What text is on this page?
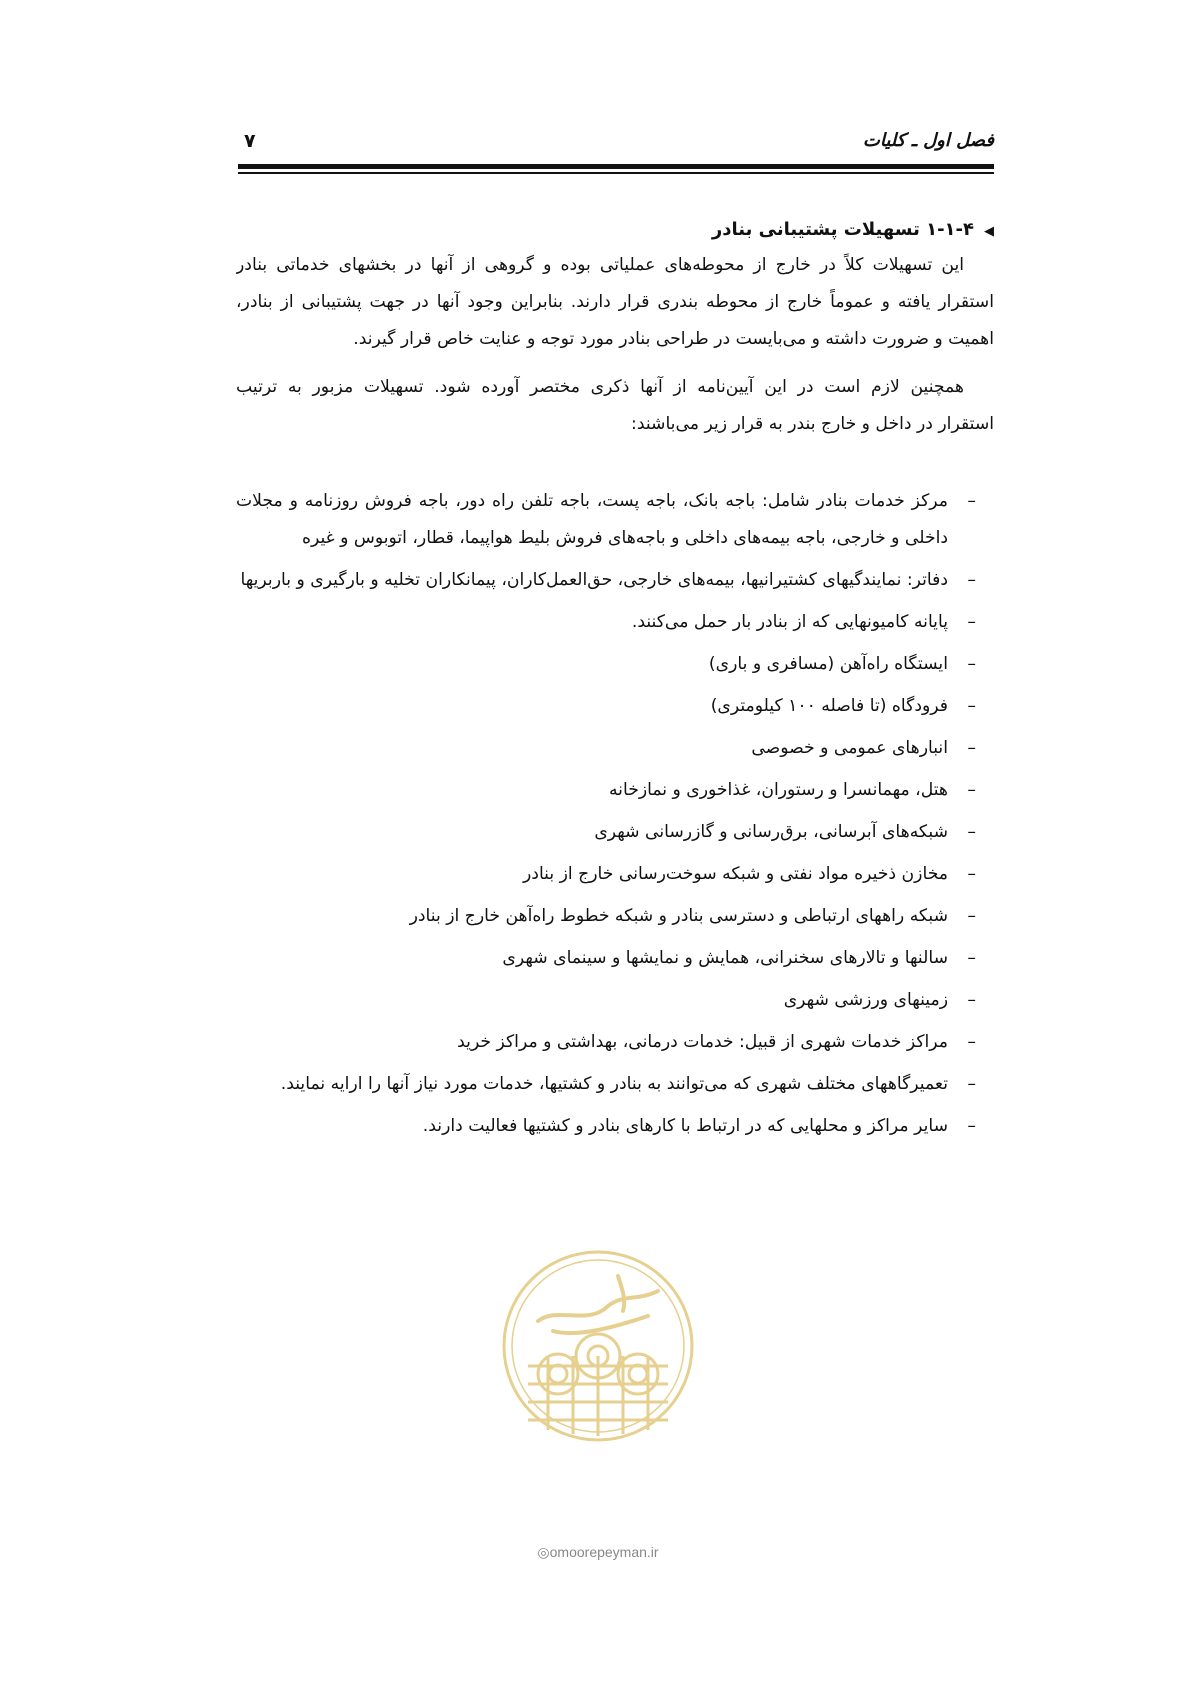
فصل اول ـ کلیات
۷
◀۱-۱-۴ تسهیلات پشتیبانی بنادر
این تسهیلات کلاً در خارج از محوطه‌های عملیاتی بوده و گروهی از آنها در بخشهای خدماتی بنادر
استقرار یافته و عموماً خارج از محوطه بندری قرار دارند. بنابراین وجود آنها در جهت پشتیبانی از بنادر،
اهمیت و ضرورت داشته و می‌بایست در طراحی بنادر مورد توجه و عنایت خاص قرار گیرند.
همچنین لازم است در این آیین‌نامه از آنها ذکری مختصر آورده شود. تسهیلات مزبور به ترتیب
استقرار در داخل و خارج بندر به قرار زیر می‌باشند:
–
مرکز خدمات بنادر شامل: باجه بانک، باجه پست، باجه تلفن راه دور، باجه فروش روزنامه و مجلات داخلی و خارجی، باجه بیمه‌های داخلی و باجه‌های فروش بلیط هواپیما، قطار، اتوبوس و غیره
–
دفاتر: نمایندگیهای کشتیرانیها، بیمه‌های خارجی، حق‌العمل‌کاران، پیمانکاران تخلیه و بارگیری و باربریها
–
پایانه کامیونهایی که از بنادر بار حمل می‌کنند.
–
ایستگاه راه‌آهن (مسافری و باری)
–
فرودگاه (تا فاصله ۱۰۰ کیلومتری)
–
انبارهای عمومی و خصوصی
–
هتل، مهمانسرا و رستوران، غذاخوری و نمازخانه
–
شبکه‌های آبرسانی، برق‌رسانی و گازرسانی شهری
–
مخازن ذخیره مواد نفتی و شبکه سوخت‌رسانی خارج از بنادر
–
شبکه راههای ارتباطی و دسترسی بنادر و شبکه خطوط راه‌آهن خارج از بنادر
–
سالنها و تالارهای سخنرانی، همایش و نمایشها و سینمای شهری
–
زمینهای ورزشی شهری
–
مراکز خدمات شهری از قبیل: خدمات درمانی، بهداشتی و مراکز خرید
–
تعمیرگاههای مختلف شهری که می‌توانند به بنادر و کشتیها، خدمات مورد نیاز آنها را ارایه نمایند.
–
سایر مراکز و محلهایی که در ارتباط با کارهای بنادر و کشتیها فعالیت دارند.
◎omoorepeyman.ir
